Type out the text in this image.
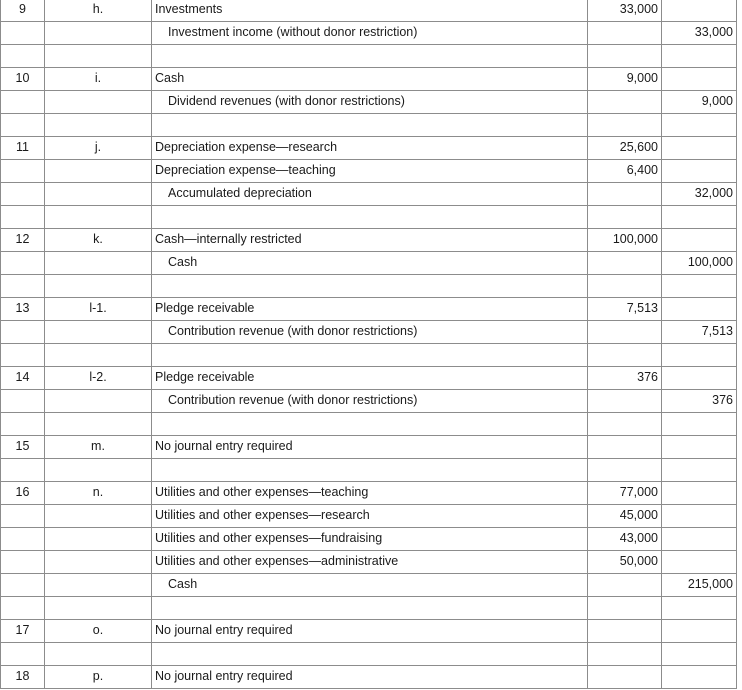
9	h.	Investments	33,000	
		Investment income (without donor restriction)		33,000

10	i.	Cash	9,000	
		Dividend revenues (with donor restrictions)		9,000

11	j.	Depreciation expense—research	25,600	
		Depreciation expense—teaching	6,400	
		Accumulated depreciation		32,000

12	k.	Cash—internally restricted	100,000	
		Cash		100,000

13	l-1.	Pledge receivable	7,513	
		Contribution revenue (with donor restrictions)		7,513

14	l-2.	Pledge receivable	376	
		Contribution revenue (with donor restrictions)		376

15	m.	No journal entry required		

16	n.	Utilities and other expenses—teaching	77,000	
		Utilities and other expenses—research	45,000	
		Utilities and other expenses—fundraising	43,000	
		Utilities and other expenses—administrative	50,000	
		Cash		215,000

17	o.	No journal entry required		

18	p.	No journal entry required		
